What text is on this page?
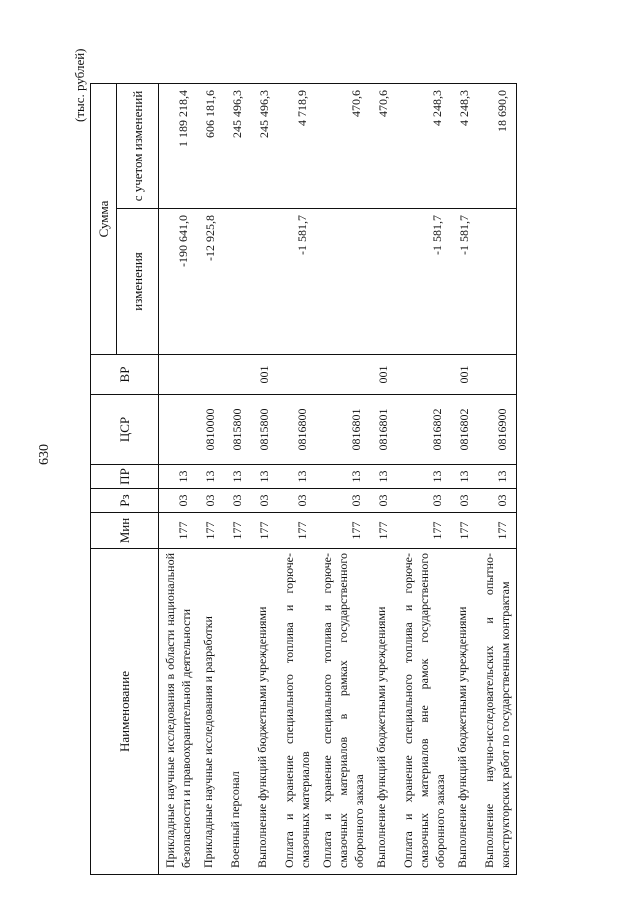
630
(тыс. рублей)
Наименование	Мин	Рз	ПР	ЦСР	ВР	Сумма	
						изменения	с учетом изменений
Прикладные научные исследования в области национальной безопасности и правоохранительной деятельности	177	03	13			-190 641,0	1 189 218,4
Прикладные научные исследования и разработки	177	03	13	0810000		-12 925,8	606 181,6
Военный персонал	177	03	13	0815800			245 496,3
Выполнение функций бюджетными учреждениями	177	03	13	0815800	001		245 496,3
Оплата и хранение специального топлива и горюче-смазочных материалов	177	03	13	0816800		-1 581,7	4 718,9
Оплата и хранение специального топлива и горюче-смазочных материалов в рамках государственного оборонного заказа	177	03	13	0816801			470,6
Выполнение функций бюджетными учреждениями	177	03	13	0816801	001		470,6
Оплата и хранение специального топлива и горюче-смазочных материалов вне рамок государственного оборонного заказа	177	03	13	0816802		-1 581,7	4 248,3
Выполнение функций бюджетными учреждениями	177	03	13	0816802	001	-1 581,7	4 248,3
Выполнение научно-исследовательских и опытно-конструкторских работ по государственным контрактам	177	03	13	0816900			18 690,0
